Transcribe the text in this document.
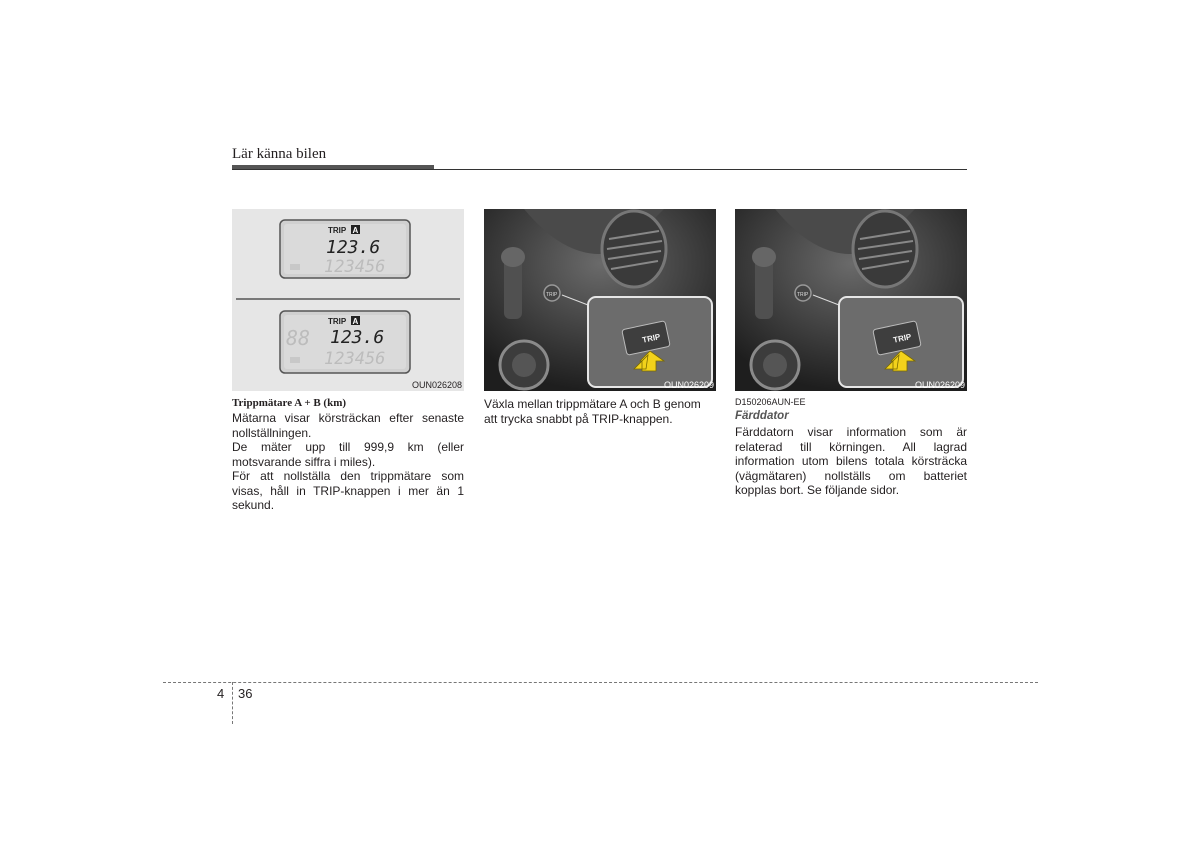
Lär känna bilen
TRIP A
123.6
123456
TRIP A
88 123.6
123456
OUN026208
Trippmätare A + B (km)
Mätarna visar körsträckan efter senaste nollställningen.
De mäter upp till 999,9 km (eller motsvarande siffra i miles).
För att nollställa den trippmätare som visas, håll in TRIP-knappen i mer än 1 sekund.
TRIP
TRIP
OUN026209
Växla mellan trippmätare A och B genom att trycka snabbt på TRIP-knappen.
TRIP
TRIP
OUN026209
D150206AUN-EE
Färddator
Färddatorn visar information som är relaterad till körningen. All lagrad information utom bilens totala körsträcka (vägmätaren) nollställs om batteriet kopplas bort. Se följande sidor.
4 36
